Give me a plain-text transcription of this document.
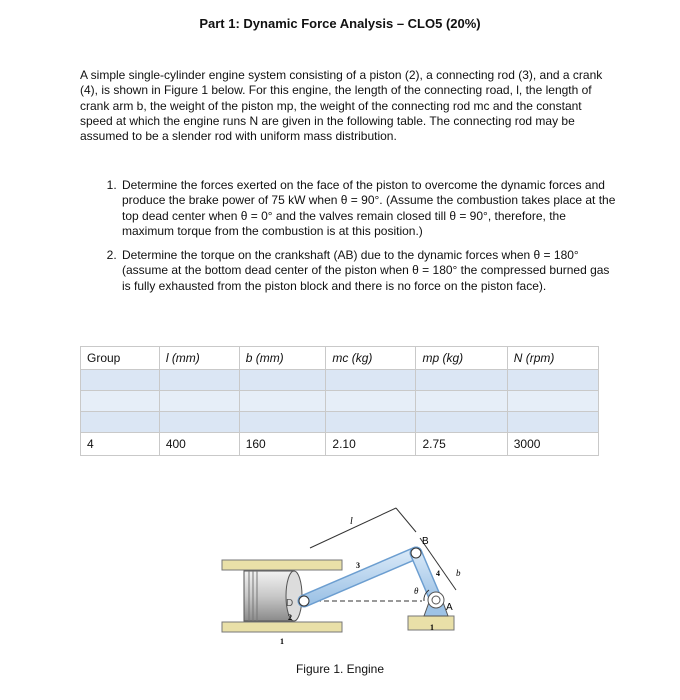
Part 1: Dynamic Force Analysis – CLO5 (20%)

A simple single-cylinder engine system consisting of a piston (2), a connecting rod (3), and a crank (4), is shown in Figure 1 below. For this engine, the length of the connecting road, l, the length of crank arm b, the weight of the piston mp, the weight of the connecting rod mc and the constant speed at which the engine runs N are given in the following table. The connecting rod may be assumed to be a slender rod with uniform mass distribution.

1. Determine the forces exerted on the face of the piston to overcome the dynamic forces and produce the brake power of 75 kW when θ = 90°. (Assume the combustion takes place at the top dead center when θ = 0° and the valves remain closed till θ = 90°, therefore, the maximum torque from the combustion is at this position.)
2. Determine the torque on the crankshaft (AB) due to the dynamic forces when θ = 180° (assume at the bottom dead center of the piston when θ = 180° the compressed burned gas is fully exhausted from the piston block and there is no force on the piston face).
Group	l (mm)	b (mm)	mc (kg)	mp (kg)	N (rpm)

4	400	160	2.10	2.75	3000
l
B
b
A
D
θ
3
4
2
1
1
Figure 1. Engine
